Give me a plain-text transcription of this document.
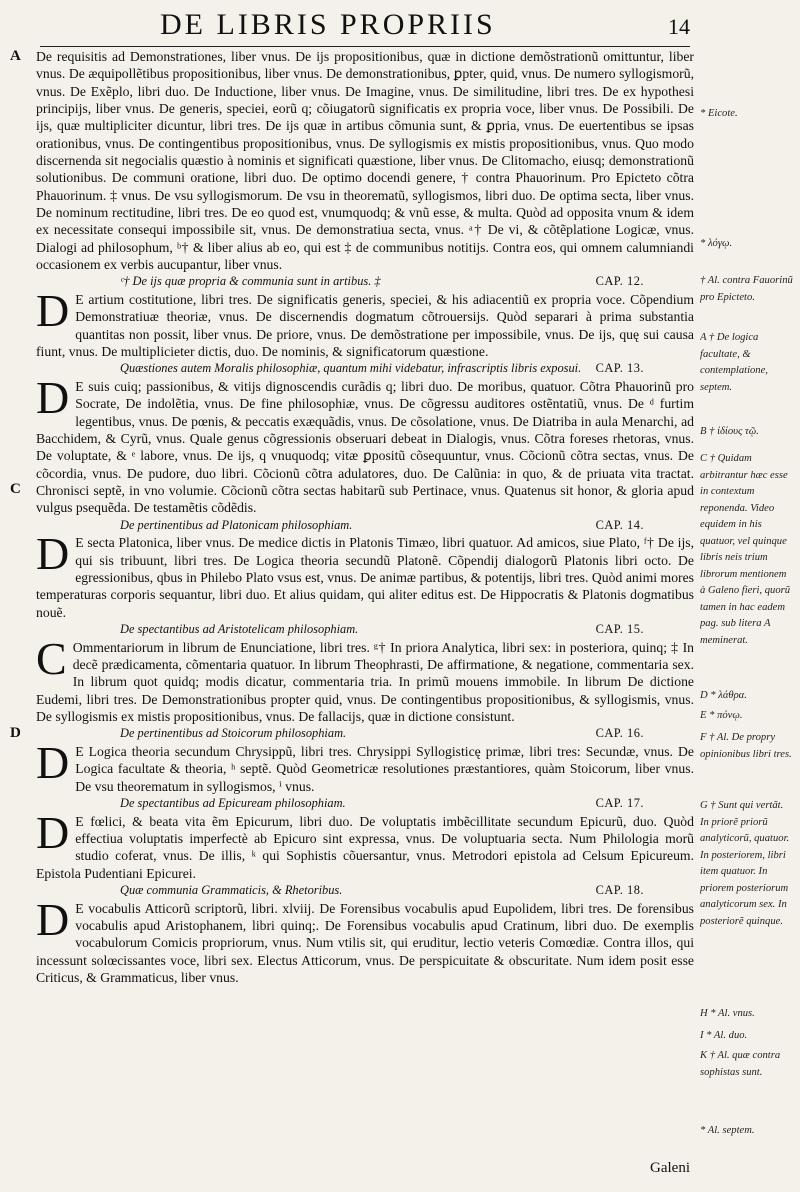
DE LIBRIS PROPRIIS	14

A De requisitis ad Demonstrationes, liber vnus. De ijs propositionibus, quæ in dictione demõstrationũ omittuntur, liber vnus. De æquipollẽtibus propositionibus, liber vnus. De demonstrationibus, ꝑpter, quid, vnus. De numero syllogismorũ, vnus. De Exẽplo, libri duo. De Inductione, liber vnus. De Imagine, vnus. De similitudine, libri tres. De ex hypothesi principijs, liber vnus. De generis, speciei, eorũ q; cõiugatorũ significatis ex propria voce, liber vnus. De Possibili. De ijs, quæ multipliciter dicuntur, libri tres. De ijs quæ in artibus cõmunia sunt, & ꝑpria, vnus. De euertentibus se ipsas orationibus, vnus. De contingentibus propositionibus, vnus. De syllogismis ex mistis propositionibus, vnus. Quo modo discernenda sit negocialis quæstio à nominis et significati quæstione, liber vnus. De Clitomacho, eiusq; demonstrationũ solutionibus. De communi oratione, libri duo. De optimo docendi genere, † contra Phauorinum. Pro Epicteto cõtra Phauorinum. ‡ vnus. De vsu syllogismorum. De vsu in theorematũ, syllogismos, libri duo. De optima secta, liber vnus. De nominum rectitudine, libri tres. De eo quod est, vnumquodq; & vnũ esse, & multa. Quòd ad opposita vnum & idem ex necessitate consequi impossibile sit, vnus. De demonstratiua secta, vnus. ᵃ† De vi, & cõtẽplatione Logicæ, vnus. Dialogi ad philosophum, ᵇ† & liber alius ab eo, qui est ‡ de communibus notitijs. Contra eos, qui omnem calumniandi occasionem ex verbis aucupantur, liber vnus.

ᶜ† De ijs quæ propria & communia sunt in artibus. ‡	CAP. 12.

D E artium costitutione, libri tres. De significatis generis, speciei, & his adiacentiũ ex propria voce. Cõpendium Demonstratiuæ theoriæ, vnus. De discernendis dogmatum cõtrouersijs. Quòd separari à prima substantia quantitas non possit, liber vnus. De priore, vnus. De demõstratione per impossibile, vnus. De ijs, quę sui causa fiunt, vnus. De multiplicieter dictis, duo. De nominis, & significatorum quæstione.

Quæstiones autem Moralis philosophiæ, quantum mihi videbatur, infrascriptis libris exposui. CAP. 13.

D E suis cuiq; passionibus, & vitijs dignoscendis curãdis q; libri duo. De moribus, quatuor. Cõtra Phauorinũ pro Socrate, De indolẽtia, vnus. De fine philosophiæ, vnus. De cõgressu auditores ostẽntatiũ, vnus. De ᵈ furtim legentibus, vnus. De pœnis, & peccatis exæquãdis, vnus. De cõsolatione, vnus. De Diatriba in aula Menarchi, ad Bacchidem, & Cyrũ, vnus. Quale genus cõgressionis obseruari debeat in Dialogis, vnus. Cõtra foreses rhetoras, vnus. De voluptate, & ᵉ labore, vnus. De ijs, q vnuquodq; vitæ ꝑpositũ cõsequuntur, vnus. Cõcionũ cõtra sectas, vnus. De cõcordia, vnus. De pudore, duo libri. Cõcionũ cõtra adulatores, duo. De Calũnia: in quo, & de priuata vita tractat. Chronisci septẽ, in vno volumie. Cõcionũ cõtra sectas habitarũ sub Pertinace, vnus. Quatenus sit honor, & gloria apud vulgus psequẽda. De testamẽtis cõdẽdis.

C
De pertinentibus ad Platonicam philosophiam.	CAP. 14.

D E secta Platonica, liber vnus. De medice dictis in Platonis Timæo, libri quatuor. Ad amicos, siue Plato, ᶠ† De ijs, qui sis tribuunt, libri tres. De Logica theoria secundũ Platonẽ. Cõpendij dialogorũ Platonis libri octo. De egressionibus, qbus in Philebo Plato vsus est, vnus. De animæ partibus, & potentijs, libri tres. Quòd animi mores temperaturas corporis sequantur, libri duo. Et alius quidam, qui aliter editus est. De Hippocratis & Platonis dogmatibus nouẽ.

De spectantibus ad Aristotelicam philosophiam.	CAP. 15.

C Ommentariorum in librum de Enunciatione, libri tres. ᵍ† In priora Analytica, libri sex: in posteriora, quinq; ‡ In decẽ prædicamenta, cõmentaria quatuor. In librum Theophrasti, De affirmatione, & negatione, commentaria sex. In librum quot quidq; modis dicatur, commentaria tria. In primũ mouens immobile. In librum De dictione Eudemi, libri tres. De Demonstrationibus propter quid, vnus. De contingentibus propositionibus, & syllogismis, vnus. De syllogismis ex mistis propositionibus, vnus. De fallacijs, quæ in dictione consistunt.

D	De pertinentibus ad Stoicorum philosophiam.	CAP. 16.

D E Logica theoria secundum Chrysippũ, libri tres. Chrysippi Syllogisticę primæ, libri tres: Secundæ, vnus. De Logica facultate & theoria, ʰ septẽ. Quòd Geometricæ resolutiones præstantiores, quàm Stoicorum, liber vnus. De vsu theorematum in syllogismos, ⁱ vnus.

De spectantibus ad Epicuream philosophiam.	CAP. 17.

D E fœlici, & beata vita ẽm Epicurum, libri duo. De voluptatis imbẽcillitate secundum Epicurũ, duo. Quòd effectiua voluptatis imperfectè ab Epicuro sint expressa, vnus. De voluptuaria secta. Num Philologia morũ studio coferat, vnus. De illis, ᵏ qui Sophistis cõuersantur, vnus. Metrodori epistola ad Celsum Epicureum. Epistola Pudentiani Epicurei.

Quæ communia Grammaticis, & Rhetoribus.	CAP. 18.

D E vocabulis Atticorũ scriptorũ, libri. xlviij. De Forensibus vocabulis apud Eupolidem, libri tres. De forensibus vocabulis apud Aristophanem, libri quinq;. De Forensibus vocabulis apud Cratinum, libri duo. De exemplis vocabulorum Comicis propriorum, vnus. Num vtilis sit, qui eruditur, lectio veteris Comœdiæ. Contra illos, qui incessunt solœcissantes voce, libri sex. Electus Atticorum, vnus. De perspicuitate & obscuritate. Num idem posit esse Criticus, & Grammaticus, liber vnus.

* Eicote.
* λόγῳ.
† Al. contra Fauorinũ pro Epicteto.
A † De logica facultate, & contemplatione, septem.
B † ἰδίους τῷ.
C † Quidam arbitrantur hæc esse in contextum reponenda. Video equidem in his quatuor, vel quinque libris neis trium librorum mentionem à Galeno fieri, quorũ tamen in hac eadem pag. sub litera A meminerat.
D * λάθρα.
E * πόνῳ.
F † Al. De propry opinionibus libri tres.
G † Sunt qui vertãt. In priorẽ priorũ analyticorũ, quatuor. In posteriorem, libri item quatuor. In priorem posteriorum analyticorum sex. In posteriorẽ quinque.
H * Al. vnus.
I * Al. duo.
K † Al. quæ contra sophistas sunt.
* Al. septem.
Galeni
